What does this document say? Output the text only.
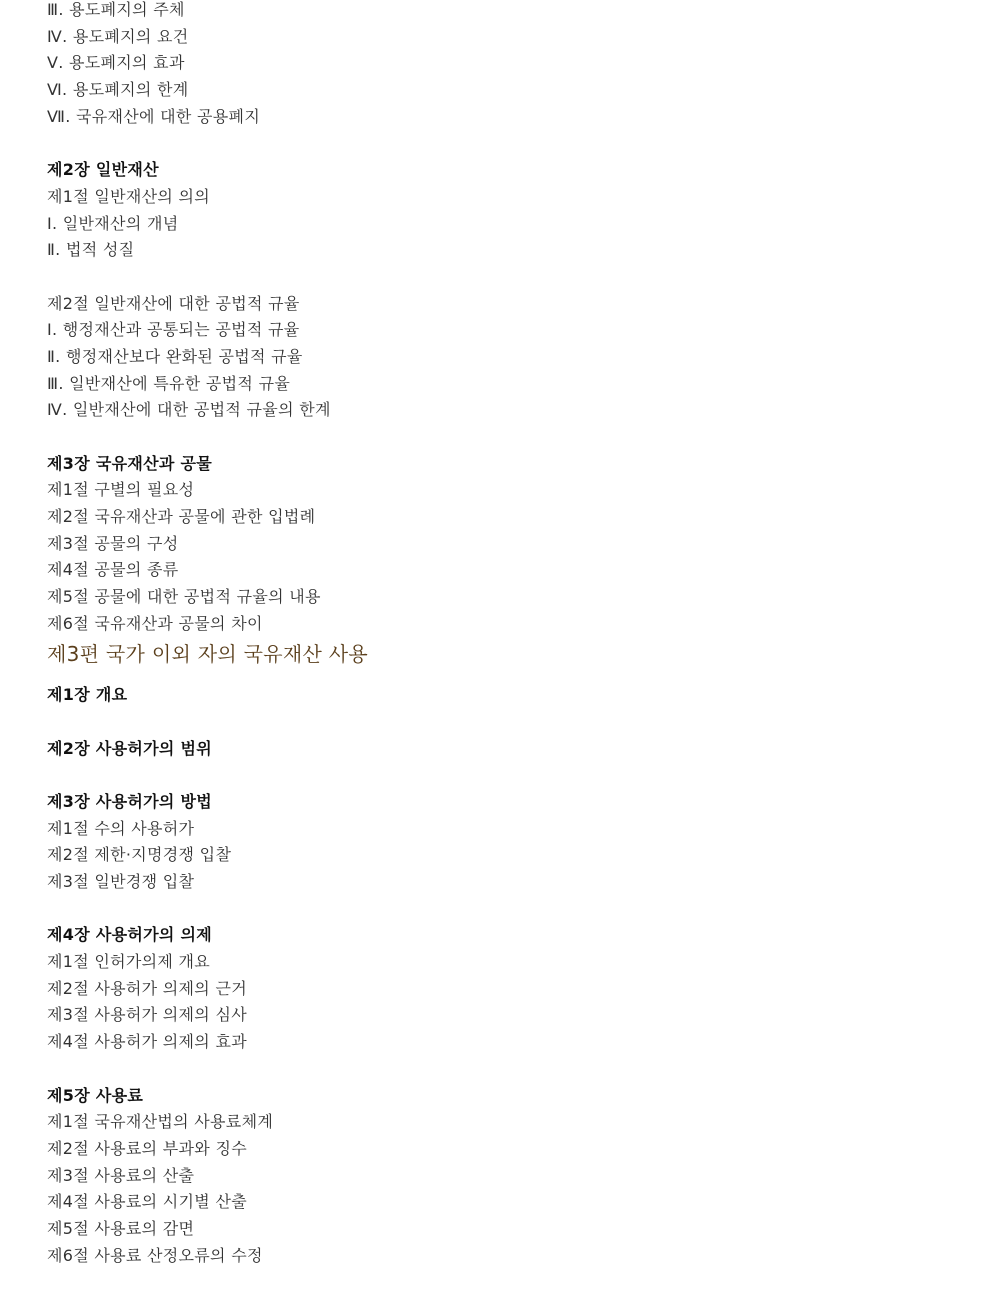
Ⅲ. 용도폐지의 주체
Ⅳ. 용도폐지의 요건
Ⅴ. 용도폐지의 효과
Ⅵ. 용도폐지의 한계
Ⅶ. 국유재산에 대한 공용폐지
제2장 일반재산
제1절 일반재산의 의의
Ⅰ. 일반재산의 개념
Ⅱ. 법적 성질
제2절 일반재산에 대한 공법적 규율
Ⅰ. 행정재산과 공통되는 공법적 규율
Ⅱ. 행정재산보다 완화된 공법적 규율
Ⅲ. 일반재산에 특유한 공법적 규율
Ⅳ. 일반재산에 대한 공법적 규율의 한계
제3장 국유재산과 공물
제1절 구별의 필요성
제2절 국유재산과 공물에 관한 입법례
제3절 공물의 구성
제4절 공물의 종류
제5절 공물에 대한 공법적 규율의 내용
제6절 국유재산과 공물의 차이
제3편 국가 이외 자의 국유재산 사용
제1장 개요
제2장 사용허가의 범위
제3장 사용허가의 방법
제1절 수의 사용허가
제2절 제한·지명경쟁 입찰
제3절 일반경쟁 입찰
제4장 사용허가의 의제
제1절 인허가의제 개요
제2절 사용허가 의제의 근거
제3절 사용허가 의제의 심사
제4절 사용허가 의제의 효과
제5장 사용료
제1절 국유재산법의 사용료체계
제2절 사용료의 부과와 징수
제3절 사용료의 산출
제4절 사용료의 시기별 산출
제5절 사용료의 감면
제6절 사용료 산정오류의 수정
